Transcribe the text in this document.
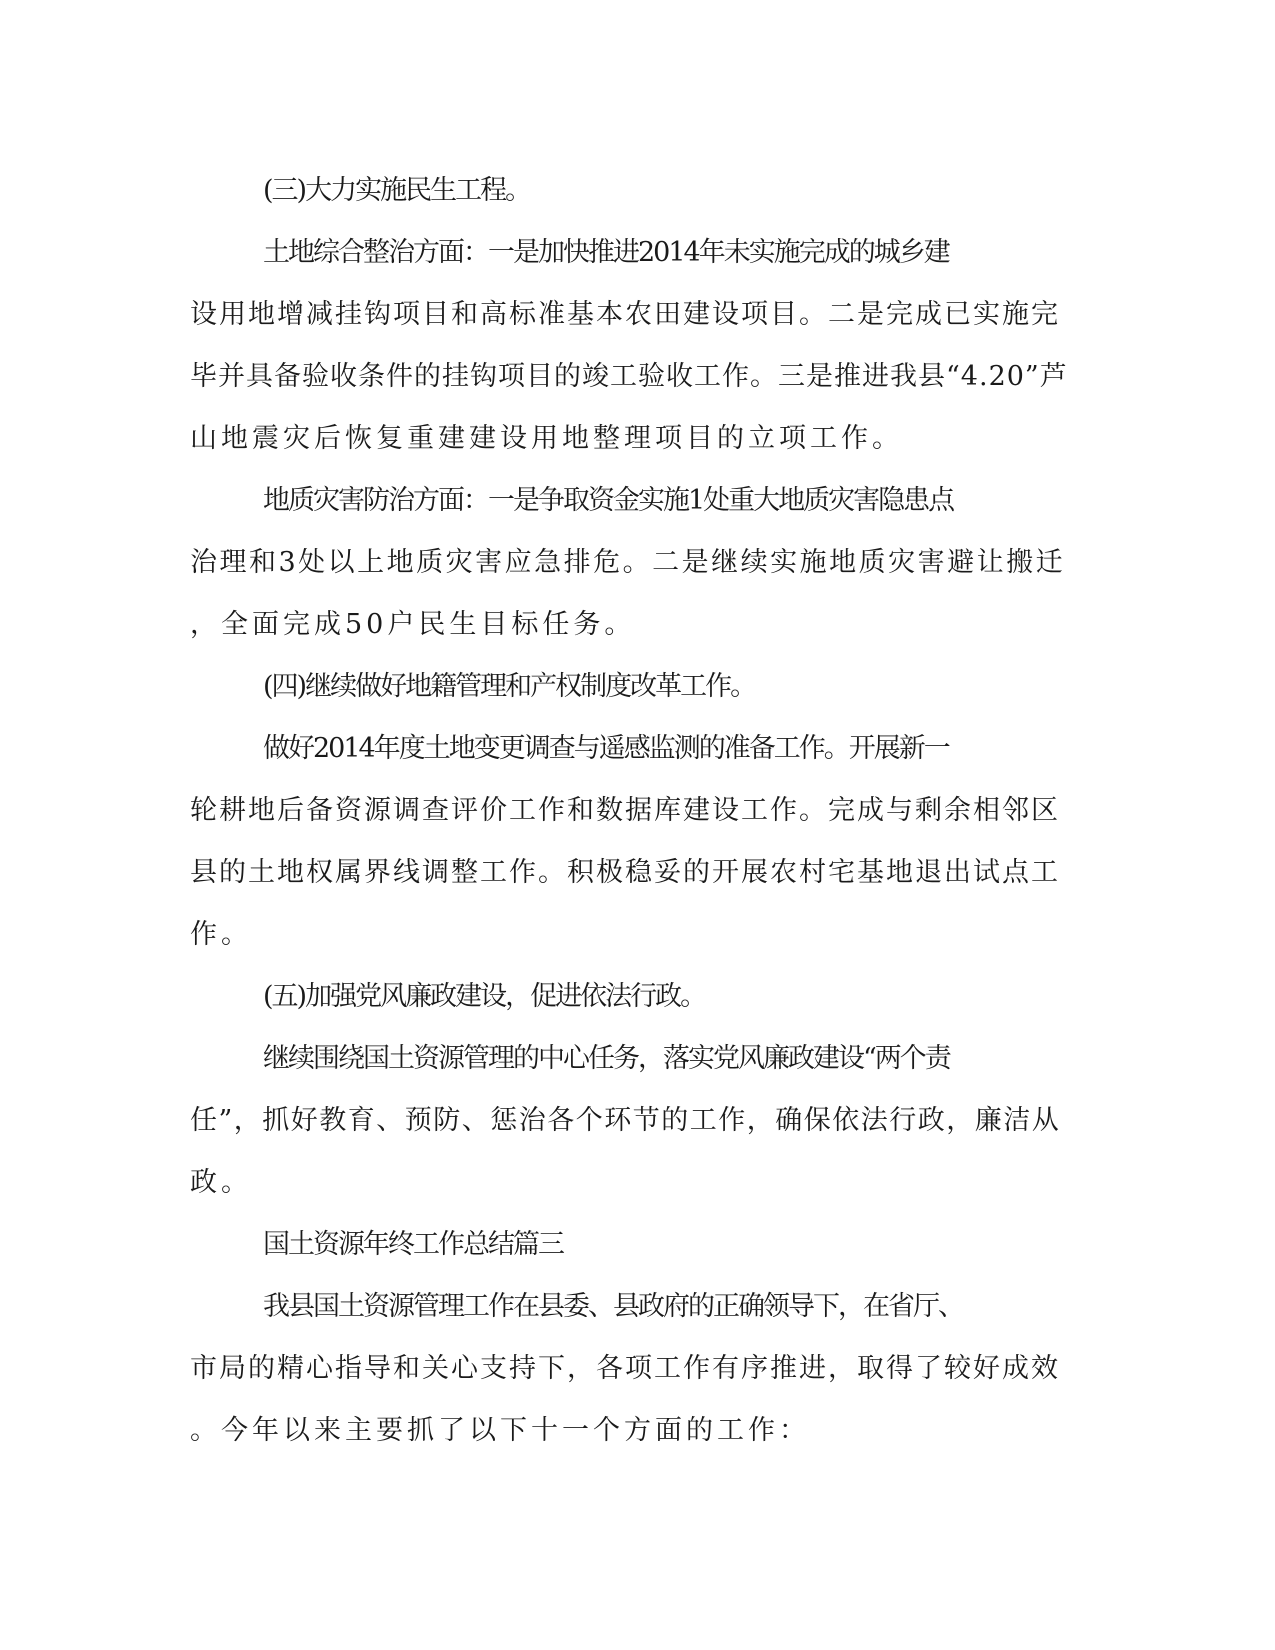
(三)大力实施民生工程。

土地综合整治方面：一是加快推进2014年未实施完成的城乡建
设用地增减挂钩项目和高标准基本农田建设项目。二是完成已实施完
毕并具备验收条件的挂钩项目的竣工验收工作。三是推进我县“4.20”芦
山地震灾后恢复重建建设用地整理项目的立项工作。

地质灾害防治方面：一是争取资金实施1处重大地质灾害隐患点
治理和3处以上地质灾害应急排危。二是继续实施地质灾害避让搬迁
，全面完成50户民生目标任务。

(四)继续做好地籍管理和产权制度改革工作。

做好2014年度土地变更调查与遥感监测的准备工作。开展新一
轮耕地后备资源调查评价工作和数据库建设工作。完成与剩余相邻区
县的土地权属界线调整工作。积极稳妥的开展农村宅基地退出试点工
作。

(五)加强党风廉政建设，促进依法行政。

继续围绕国土资源管理的中心任务，落实党风廉政建设“两个责
任”，抓好教育、预防、惩治各个环节的工作，确保依法行政，廉洁从
政。

国土资源年终工作总结篇三

我县国土资源管理工作在县委、县政府的正确领导下，在省厅、
市局的精心指导和关心支持下，各项工作有序推进，取得了较好成效
。今年以来主要抓了以下十一个方面的工作：
